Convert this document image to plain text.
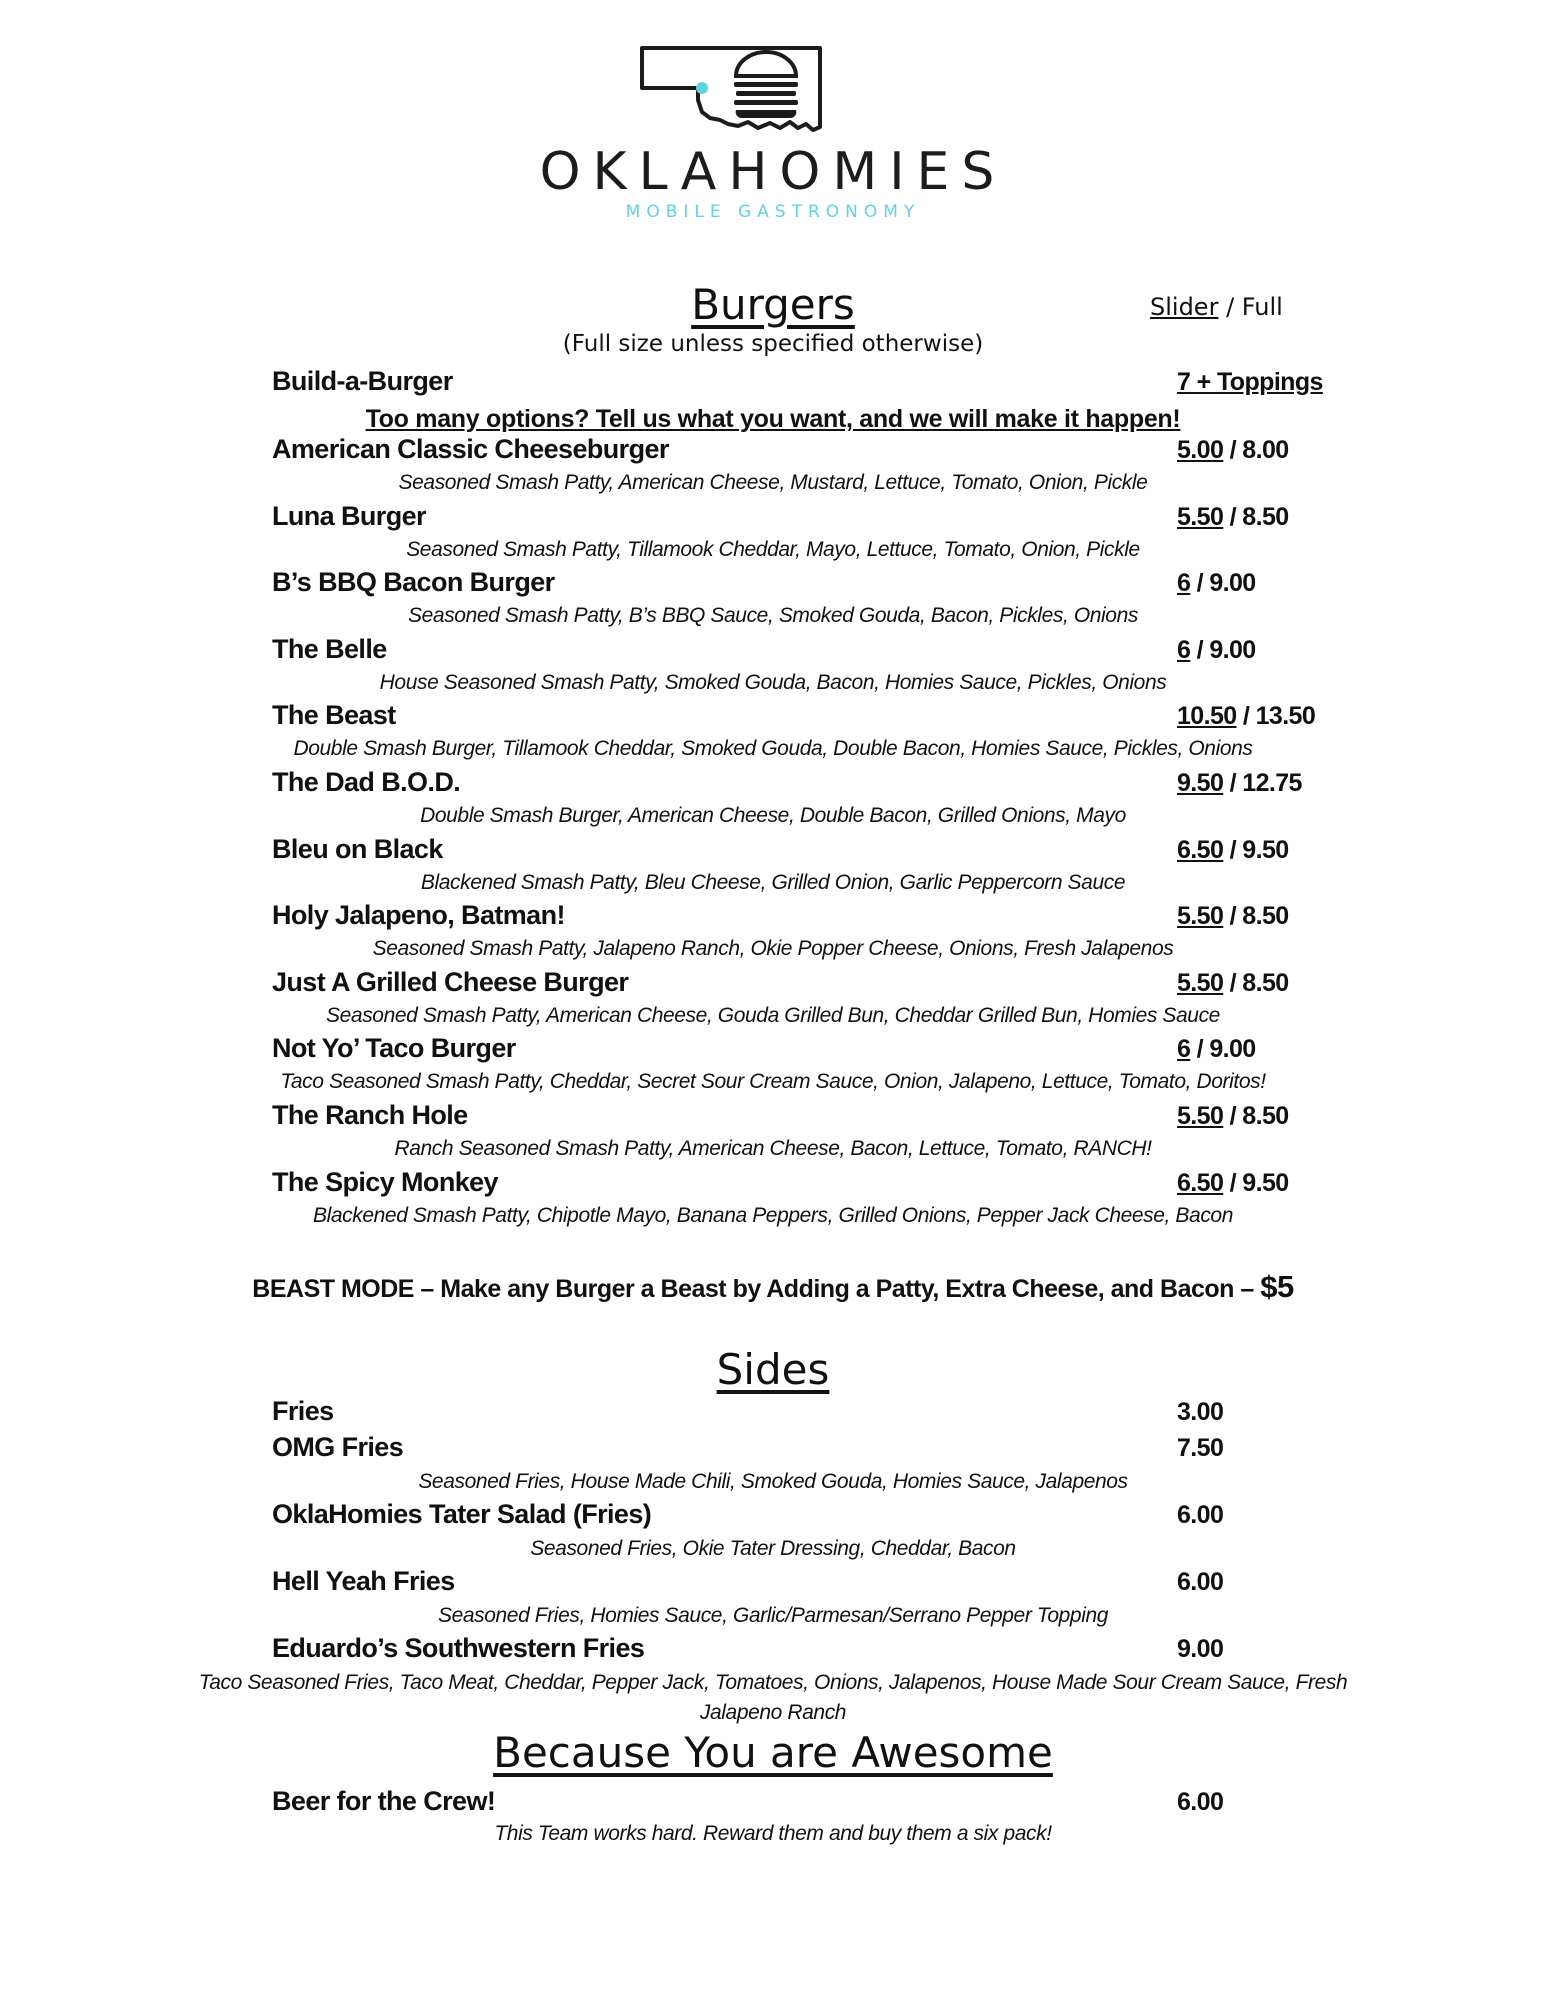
OKLAHOMIES
MOBILE GASTRONOMY
Burgers	Slider / Full
(Full size unless specified otherwise)
Build-a-Burger	7 + Toppings
Too many options? Tell us what you want, and we will make it happen!
American Classic Cheeseburger	5.00 / 8.00
Seasoned Smash Patty, American Cheese, Mustard, Lettuce, Tomato, Onion, Pickle
Luna Burger	5.50 / 8.50
Seasoned Smash Patty, Tillamook Cheddar, Mayo, Lettuce, Tomato, Onion, Pickle
B’s BBQ Bacon Burger	6 / 9.00
Seasoned Smash Patty, B’s BBQ Sauce, Smoked Gouda, Bacon, Pickles, Onions
The Belle	6 / 9.00
House Seasoned Smash Patty, Smoked Gouda, Bacon, Homies Sauce, Pickles, Onions
The Beast	10.50 / 13.50
Double Smash Burger, Tillamook Cheddar, Smoked Gouda, Double Bacon, Homies Sauce, Pickles, Onions
The Dad B.O.D.	9.50 / 12.75
Double Smash Burger, American Cheese, Double Bacon, Grilled Onions, Mayo
Bleu on Black	6.50 / 9.50
Blackened Smash Patty, Bleu Cheese, Grilled Onion, Garlic Peppercorn Sauce
Holy Jalapeno, Batman!	5.50 / 8.50
Seasoned Smash Patty, Jalapeno Ranch, Okie Popper Cheese, Onions, Fresh Jalapenos
Just A Grilled Cheese Burger	5.50 / 8.50
Seasoned Smash Patty, American Cheese, Gouda Grilled Bun, Cheddar Grilled Bun, Homies Sauce
Not Yo’ Taco Burger	6 / 9.00
Taco Seasoned Smash Patty, Cheddar, Secret Sour Cream Sauce, Onion, Jalapeno, Lettuce, Tomato, Doritos!
The Ranch Hole	5.50 / 8.50
Ranch Seasoned Smash Patty, American Cheese, Bacon, Lettuce, Tomato, RANCH!
The Spicy Monkey	6.50 / 9.50
Blackened Smash Patty, Chipotle Mayo, Banana Peppers, Grilled Onions, Pepper Jack Cheese, Bacon
BEAST MODE – Make any Burger a Beast by Adding a Patty, Extra Cheese, and Bacon – $5
Sides
Fries	3.00
OMG Fries	7.50
Seasoned Fries, House Made Chili, Smoked Gouda, Homies Sauce, Jalapenos
OklaHomies Tater Salad (Fries)	6.00
Seasoned Fries, Okie Tater Dressing, Cheddar, Bacon
Hell Yeah Fries	6.00
Seasoned Fries, Homies Sauce, Garlic/Parmesan/Serrano Pepper Topping
Eduardo’s Southwestern Fries	9.00
Taco Seasoned Fries, Taco Meat, Cheddar, Pepper Jack, Tomatoes, Onions, Jalapenos, House Made Sour Cream Sauce, Fresh Jalapeno Ranch
Because You are Awesome
Beer for the Crew!	6.00
This Team works hard. Reward them and buy them a six pack!
